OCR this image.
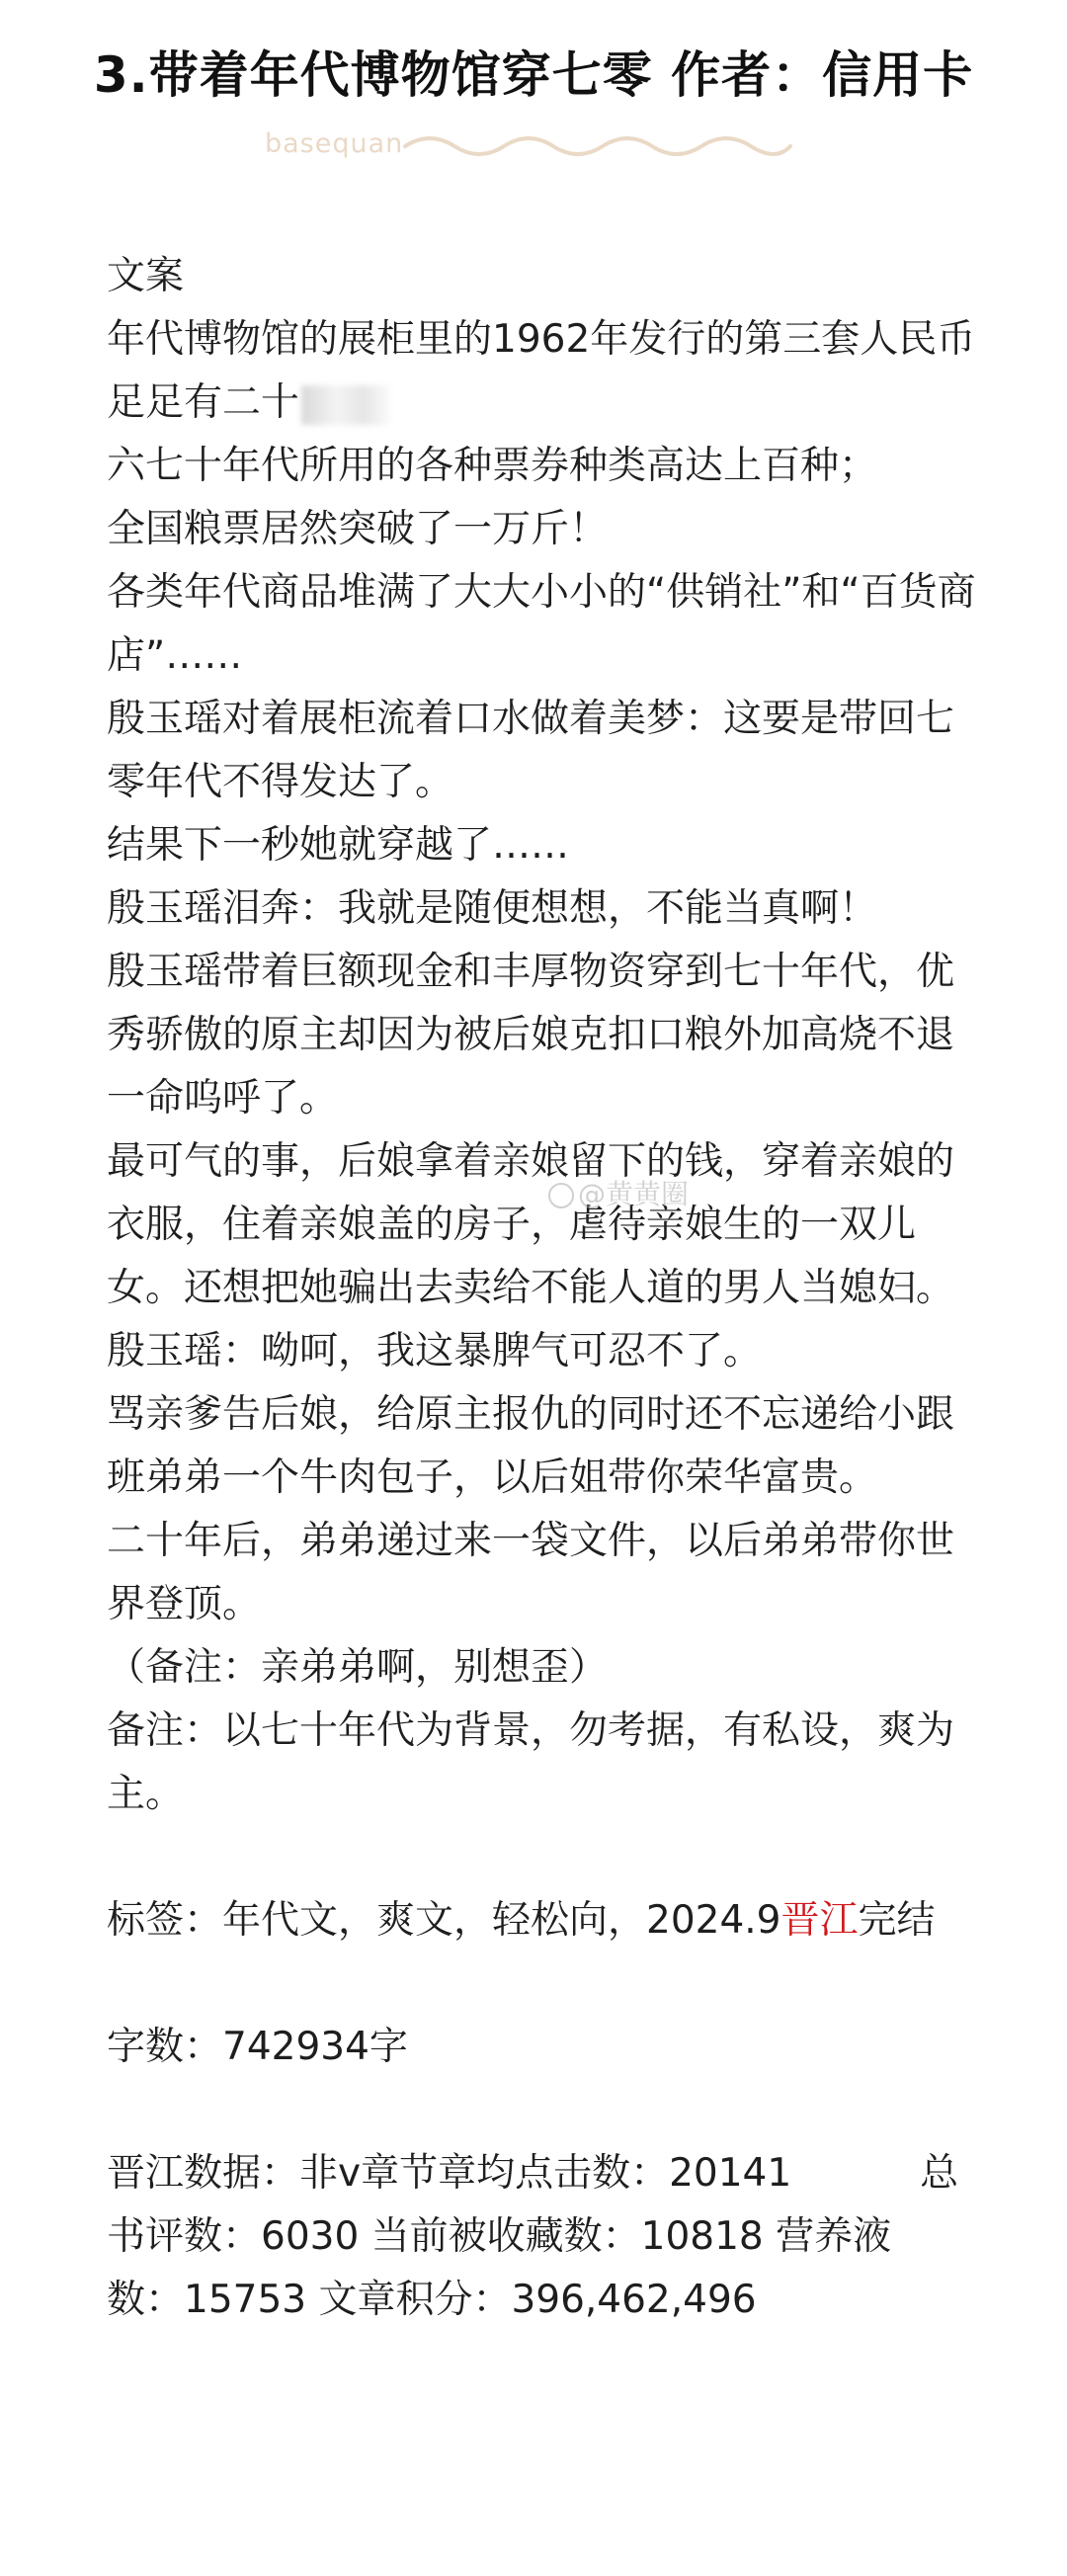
3.带着年代博物馆穿七零 作者：信用卡
basequan

文案

年代博物馆的展柜里的1962年发行的第三套人民币足足有二十

六七十年代所用的各种票券种类高达上百种；

全国粮票居然突破了一万斤！

各类年代商品堆满了大大小小的“供销社”和“百货商店”……

殷玉瑶对着展柜流着口水做着美梦：这要是带回七零年代不得发达了。

结果下一秒她就穿越了……

殷玉瑶泪奔：我就是随便想想，不能当真啊！

殷玉瑶带着巨额现金和丰厚物资穿到七十年代，优秀骄傲的原主却因为被后娘克扣口粮外加高烧不退一命呜呼了。

最可气的事，后娘拿着亲娘留下的钱，穿着亲娘的衣服，住着亲娘盖的房子，虐待亲娘生的一双儿女。还想把她骗出去卖给不能人道的男人当媳妇。

殷玉瑶：呦呵，我这暴脾气可忍不了。

骂亲爹告后娘，给原主报仇的同时还不忘递给小跟班弟弟一个牛肉包子，以后姐带你荣华富贵。

二十年后，弟弟递过来一袋文件，以后弟弟带你世界登顶。

（备注：亲弟弟啊，别想歪）

备注：以七十年代为背景，勿考据，有私设，爽为主。

标签：年代文，爽文，轻松向，2024.9晋江完结

字数：742934字

晋江数据：非v章节章均点击数：20141	总

书评数：6030 当前被收藏数：10818 营养液

数：15753 文章积分：396,462,496

@黄黄圈
